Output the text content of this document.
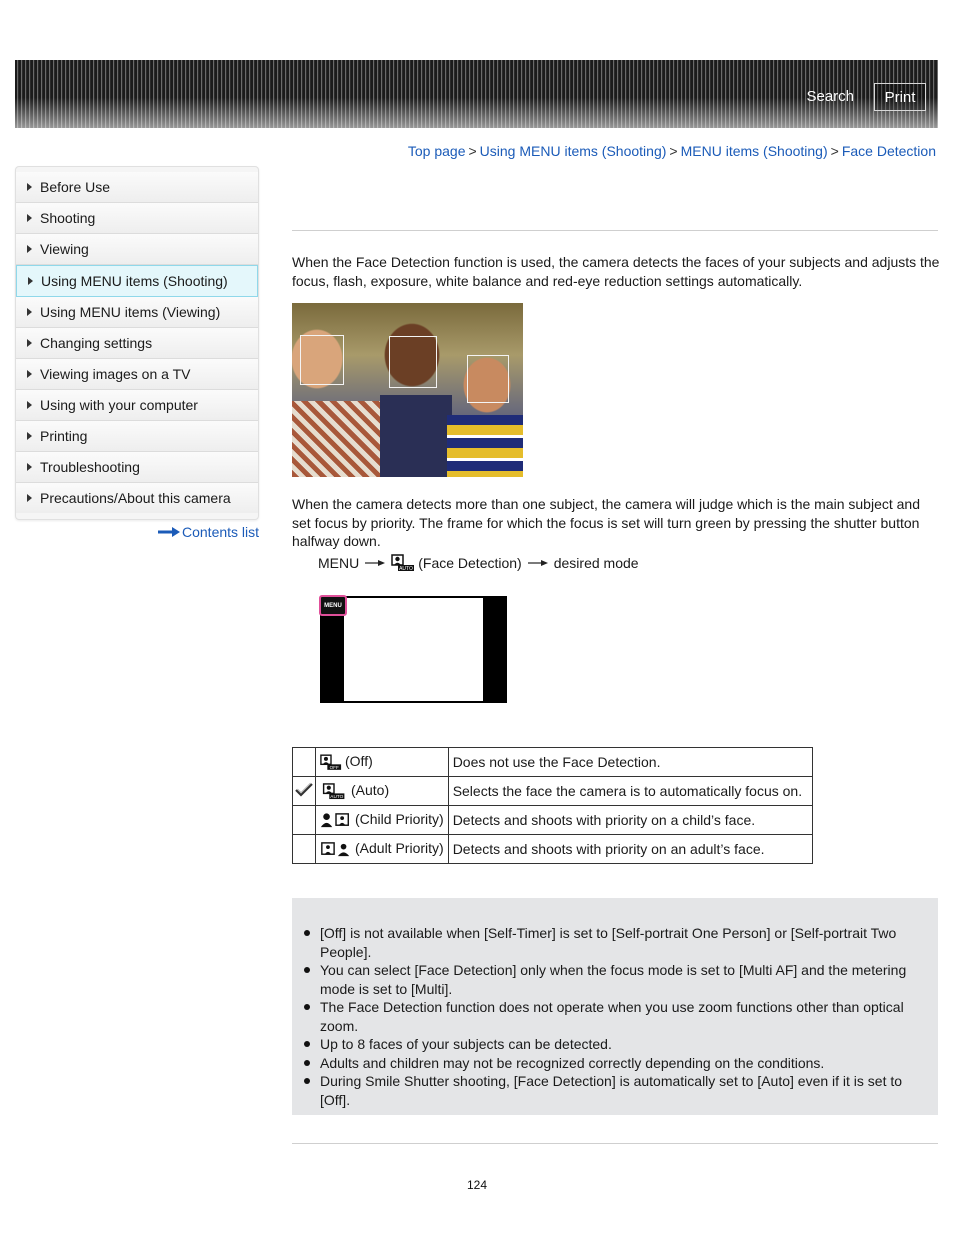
Search	Print
Top page > Using MENU items (Shooting) > MENU items (Shooting) > Face Detection
Before Use
Shooting
Viewing
Using MENU items (Shooting)
Using MENU items (Viewing)
Changing settings
Viewing images on a TV
Using with your computer
Printing
Troubleshooting
Precautions/About this camera
Contents list
When the Face Detection function is used, the camera detects the faces of your subjects and adjusts the focus, flash, exposure, white balance and red-eye reduction settings automatically.
When the camera detects more than one subject, the camera will judge which is the main subject and set focus by priority. The frame for which the focus is set will turn green by pressing the shutter button halfway down.
MENU	AUTO (Face Detection) desired mode
MENU

OFF (Off)	Does not use the Face Detection.

AUTO (Auto)	Selects the face the camera is to automatically focus on.
	(Child Priority)	Detects and shoots with priority on a child’s face.
	(Adult Priority)	Detects and shoots with priority on an adult’s face.
[Off] is not available when [Self-Timer] is set to [Self-portrait One Person] or [Self-portrait Two People].
You can select [Face Detection] only when the focus mode is set to [Multi AF] and the metering mode is set to [Multi].
The Face Detection function does not operate when you use zoom functions other than optical zoom.
Up to 8 faces of your subjects can be detected.
Adults and children may not be recognized correctly depending on the conditions.
During Smile Shutter shooting, [Face Detection] is automatically set to [Auto] even if it is set to [Off].
124
